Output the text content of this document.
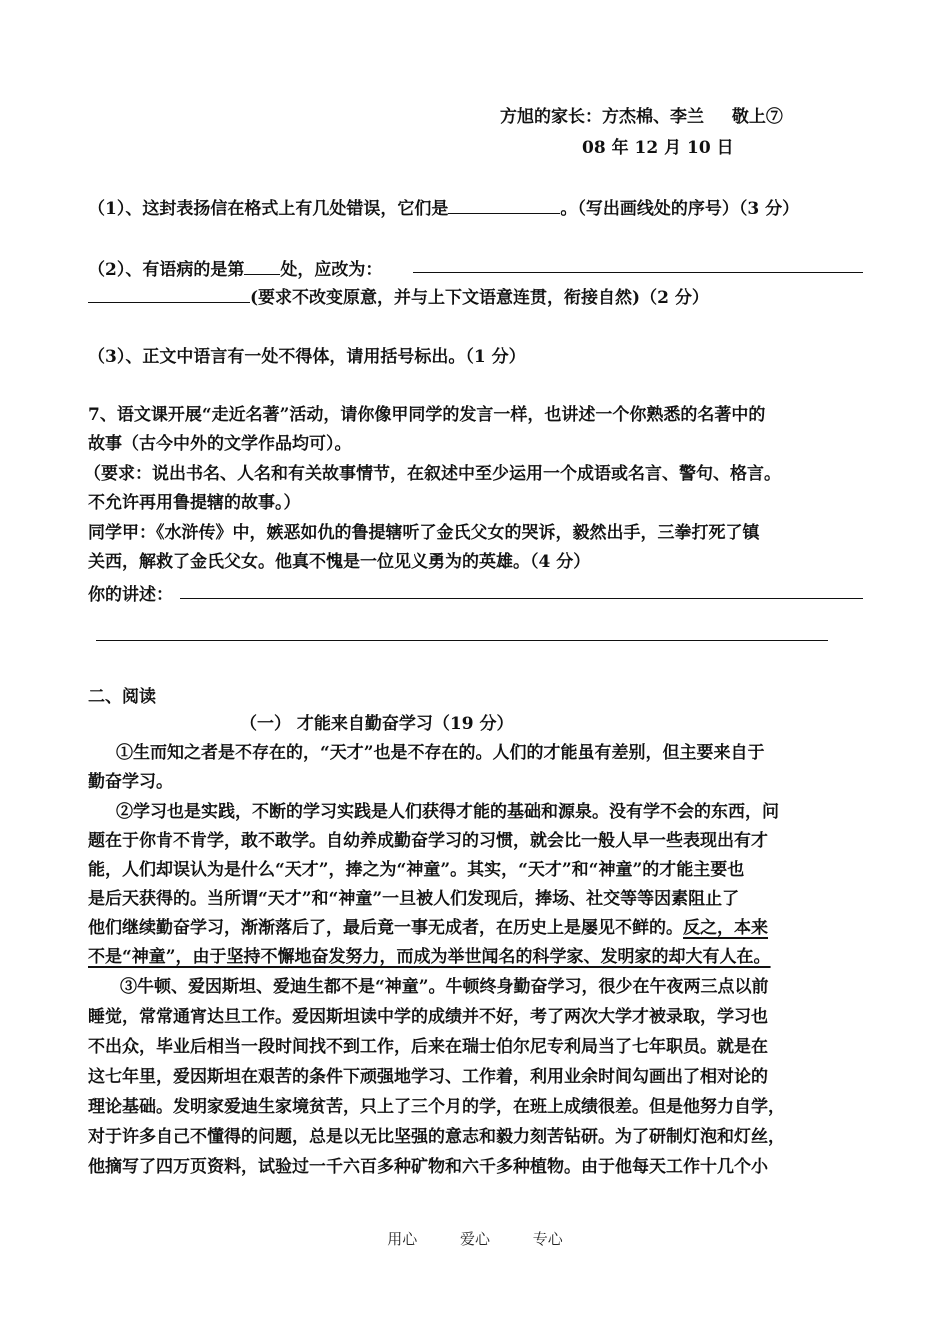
方旭的家长：方杰棉、李兰 敬上⑦
08 年 12 月 10 日
（1）、这封表扬信在格式上有几处错误，它们是	。（写出画线处的序号）（3 分）
（2）、有语病的是第 处，应改为：
(要求不改变原意，并与上下文语意连贯，衔接自然)（2 分）
（3）、正文中语言有一处不得体，请用括号标出。（1 分）
7、语文课开展“走近名著”活动，请你像甲同学的发言一样，也讲述一个你熟悉的名著中的
故事（古今中外的文学作品均可）。
（要求：说出书名、人名和有关故事情节，在叙述中至少运用一个成语或名言、警句、格言。
不允许再用鲁提辖的故事。）
同学甲：《水浒传》中，嫉恶如仇的鲁提辖听了金氏父女的哭诉，毅然出手，三拳打死了镇
关西，解救了金氏父女。他真不愧是一位见义勇为的英雄。（4 分）
你的讲述：
二、阅读
（一） 才能来自勤奋学习（19 分）
①生而知之者是不存在的，“天才”也是不存在的。人们的才能虽有差别，但主要来自于
勤奋学习。
②学习也是实践，不断的学习实践是人们获得才能的基础和源泉。没有学不会的东西，问
题在于你肯不肯学，敢不敢学。自幼养成勤奋学习的习惯，就会比一般人早一些表现出有才
能，人们却误认为是什么“天才”，捧之为“神童”。其实，“天才”和“神童”的才能主要也
是后天获得的。当所谓“天才”和“神童”一旦被人们发现后，捧场、社交等等因素阻止了
他们继续勤奋学习，渐渐落后了，最后竟一事无成者，在历史上是屡见不鲜的。反之，本来
不是“神童”，由于坚持不懈地奋发努力，而成为举世闻名的科学家、发明家的却大有人在。
③牛顿、爱因斯坦、爱迪生都不是“神童”。牛顿终身勤奋学习，很少在午夜两三点以前
睡觉，常常通宵达旦工作。爱因斯坦读中学的成绩并不好，考了两次大学才被录取，学习也
不出众，毕业后相当一段时间找不到工作，后来在瑞士伯尔尼专利局当了七年职员。就是在
这七年里，爱因斯坦在艰苦的条件下顽强地学习、工作着，利用业余时间勾画出了相对论的
理论基础。发明家爱迪生家境贫苦，只上了三个月的学，在班上成绩很差。但是他努力自学，
对于许多自己不懂得的问题，总是以无比坚强的意志和毅力刻苦钻研。为了研制灯泡和灯丝，
他摘写了四万页资料，试验过一千六百多种矿物和六千多种植物。由于他每天工作十几个小
用心	爱心	专心
